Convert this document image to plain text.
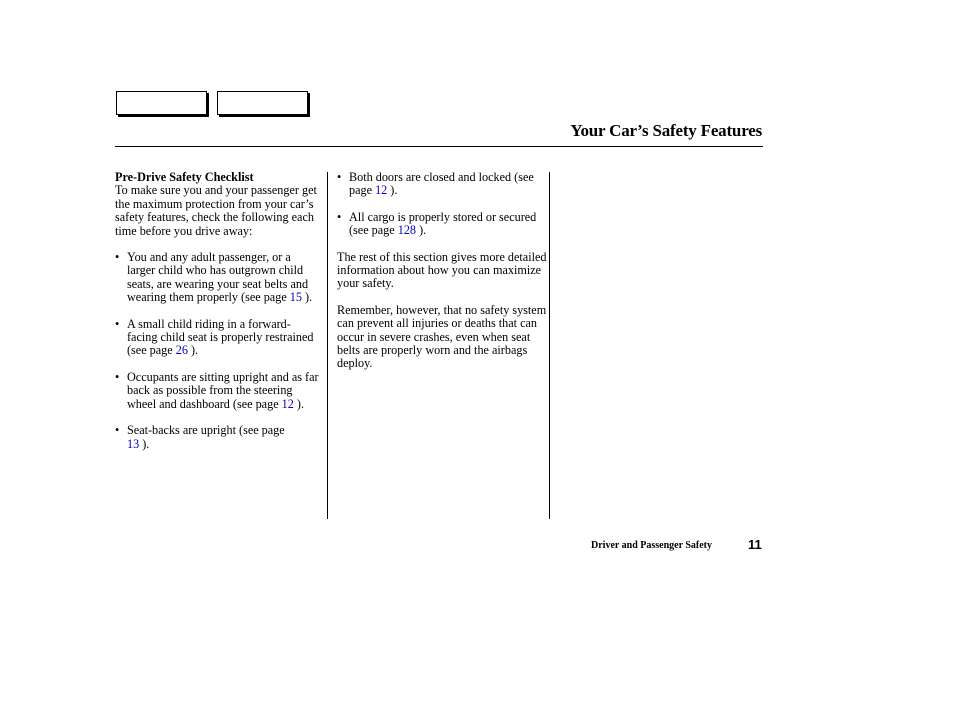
Your Car’s Safety Features
Pre-Drive Safety Checklist

To make sure you and your passenger get the maximum protection from your car’s safety features, check the following each time before you drive away:

• You and any adult passenger, or a larger child who has outgrown child seats, are wearing your seat belts and wearing them properly (see page 15 ).
• A small child riding in a forward-facing child seat is properly restrained (see page 26 ).
• Occupants are sitting upright and as far back as possible from the steering wheel and dashboard (see page 12 ).
• Seat-backs are upright (see page
13 ).
• Both doors are closed and locked (see page 12 ).
• All cargo is properly stored or secured (see page 128 ).

The rest of this section gives more detailed information about how you can maximize your safety.

Remember, however, that no safety system can prevent all injuries or deaths that can occur in severe crashes, even when seat belts are properly worn and the airbags deploy.

Driver and Passenger Safety	11
